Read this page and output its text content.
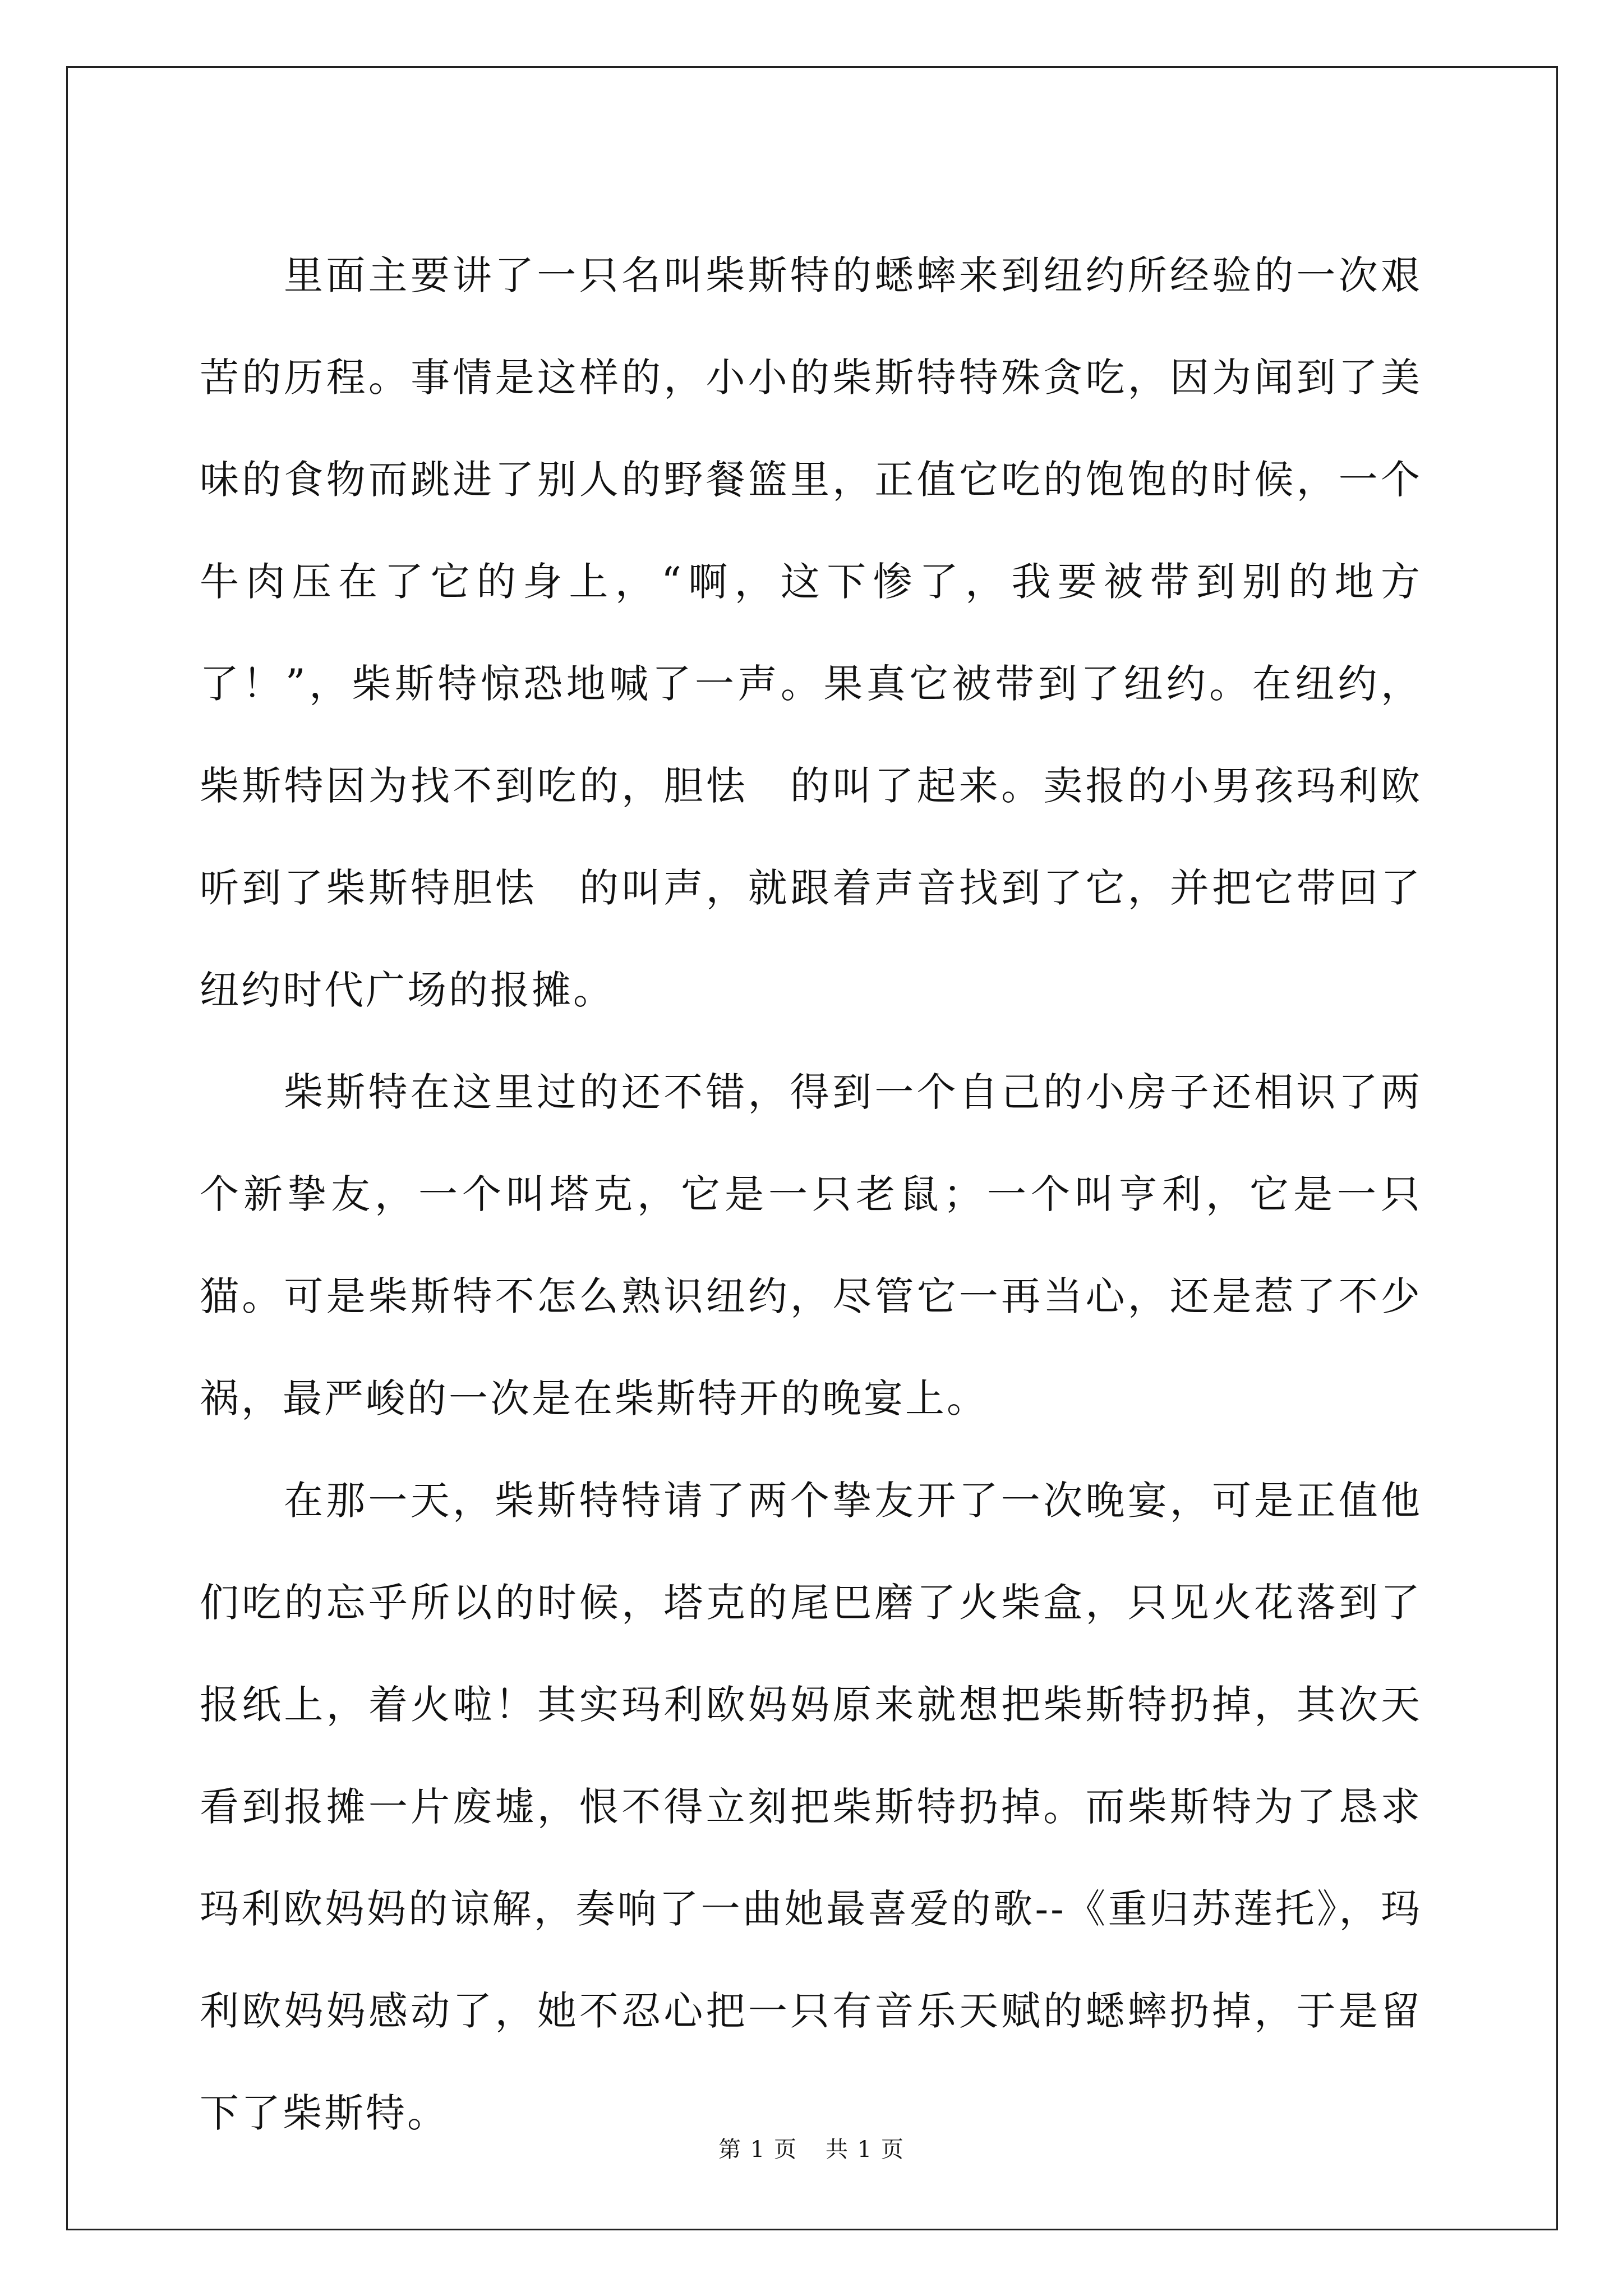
里面主要讲了一只名叫柴斯特的蟋蟀来到纽约所经验的一次艰苦的历程。事情是这样的，小小的柴斯特特殊贪吃，因为闻到了美味的食物而跳进了别人的野餐篮里，正值它吃的饱饱的时候，一个牛肉压在了它的身上，“啊，这下惨了，我要被带到别的地方了！”，柴斯特惊恐地喊了一声。果真它被带到了纽约。在纽约，柴斯特因为找不到吃的，胆怯　的叫了起来。卖报的小男孩玛利欧听到了柴斯特胆怯　的叫声，就跟着声音找到了它，并把它带回了纽约时代广场的报摊。

柴斯特在这里过的还不错，得到一个自己的小房子还相识了两个新挚友，一个叫塔克，它是一只老鼠；一个叫亨利，它是一只猫。可是柴斯特不怎么熟识纽约，尽管它一再当心，还是惹了不少祸，最严峻的一次是在柴斯特开的晚宴上。

在那一天，柴斯特特请了两个挚友开了一次晚宴，可是正值他们吃的忘乎所以的时候，塔克的尾巴磨了火柴盒，只见火花落到了报纸上，着火啦！其实玛利欧妈妈原来就想把柴斯特扔掉，其次天看到报摊一片废墟，恨不得立刻把柴斯特扔掉。而柴斯特为了恳求玛利欧妈妈的谅解，奏响了一曲她最喜爱的歌--《重归苏莲托》，玛利欧妈妈感动了，她不忍心把一只有音乐天赋的蟋蟀扔掉，于是留下了柴斯特。

第 1 页 共 1 页
